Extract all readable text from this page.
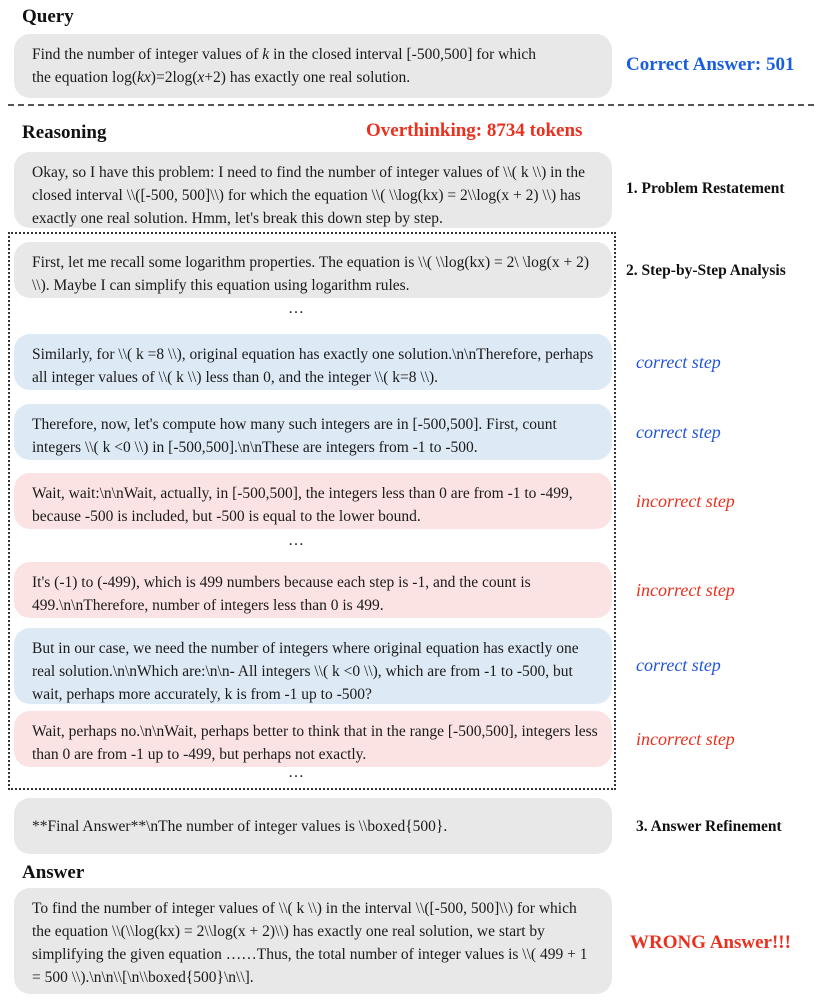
Query
Find the number of integer values of k in the closed interval [-500,500] for which
the equation log(kx)=2log(x+2) has exactly one real solution.
Correct Answer: 501
Reasoning	Overthinking: 8734 tokens
Okay, so I have this problem: I need to find the number of integer values of \\( k \\) in the closed interval \\([-500, 500]\\) for which the equation \\( \\log(kx) = 2\\log(x + 2) \\) has exactly one real solution. Hmm, let's break this down step by step.
1. Problem Restatement
2. Step-by-Step Analysis
First, let me recall some logarithm properties. The equation is \\( \\log(kx) = 2\ \log(x + 2) \\). Maybe I can simplify this equation using logarithm rules.
…
Similarly, for \\( k =8 \\), original equation has exactly one solution.\n\nTherefore, perhaps all integer values of \\( k \\) less than 0, and the integer \\( k=8 \\).
correct step
Therefore, now, let's compute how many such integers are in [-500,500]. First, count integers \\( k <0 \\) in [-500,500].\n\nThese are integers from -1 to -500.
correct step
Wait, wait:\n\nWait, actually, in [-500,500], the integers less than 0 are from -1 to -499, because -500 is included, but -500 is equal to the lower bound.
incorrect step
…
It's (-1) to (-499), which is 499 numbers because each step is -1, and the count is 499.\n\nTherefore, number of integers less than 0 is 499.
incorrect step
But in our case, we need the number of integers where original equation has exactly one real solution.\n\nWhich are:\n\n- All integers \\( k <0 \\), which are from -1 to -500, but wait, perhaps more accurately, k is from -1 up to -500?
correct step
Wait, perhaps no.\n\nWait, perhaps better to think that in the range [-500,500], integers less than 0 are from -1 up to -499, but perhaps not exactly.
incorrect step
…
**Final Answer**\nThe number of integer values is \\boxed{500}.	3. Answer Refinement
Answer
To find the number of integer values of \\( k \\) in the interval \\([-500, 500]\\) for which the equation \\(\\log(kx) = 2\\log(x + 2)\\) has exactly one real solution, we start by simplifying the given equation ……Thus, the total number of integer values is \\( 499 + 1 = 500 \\).\n\n\\[\n\\boxed{500}\n\\].
WRONG Answer!!!
